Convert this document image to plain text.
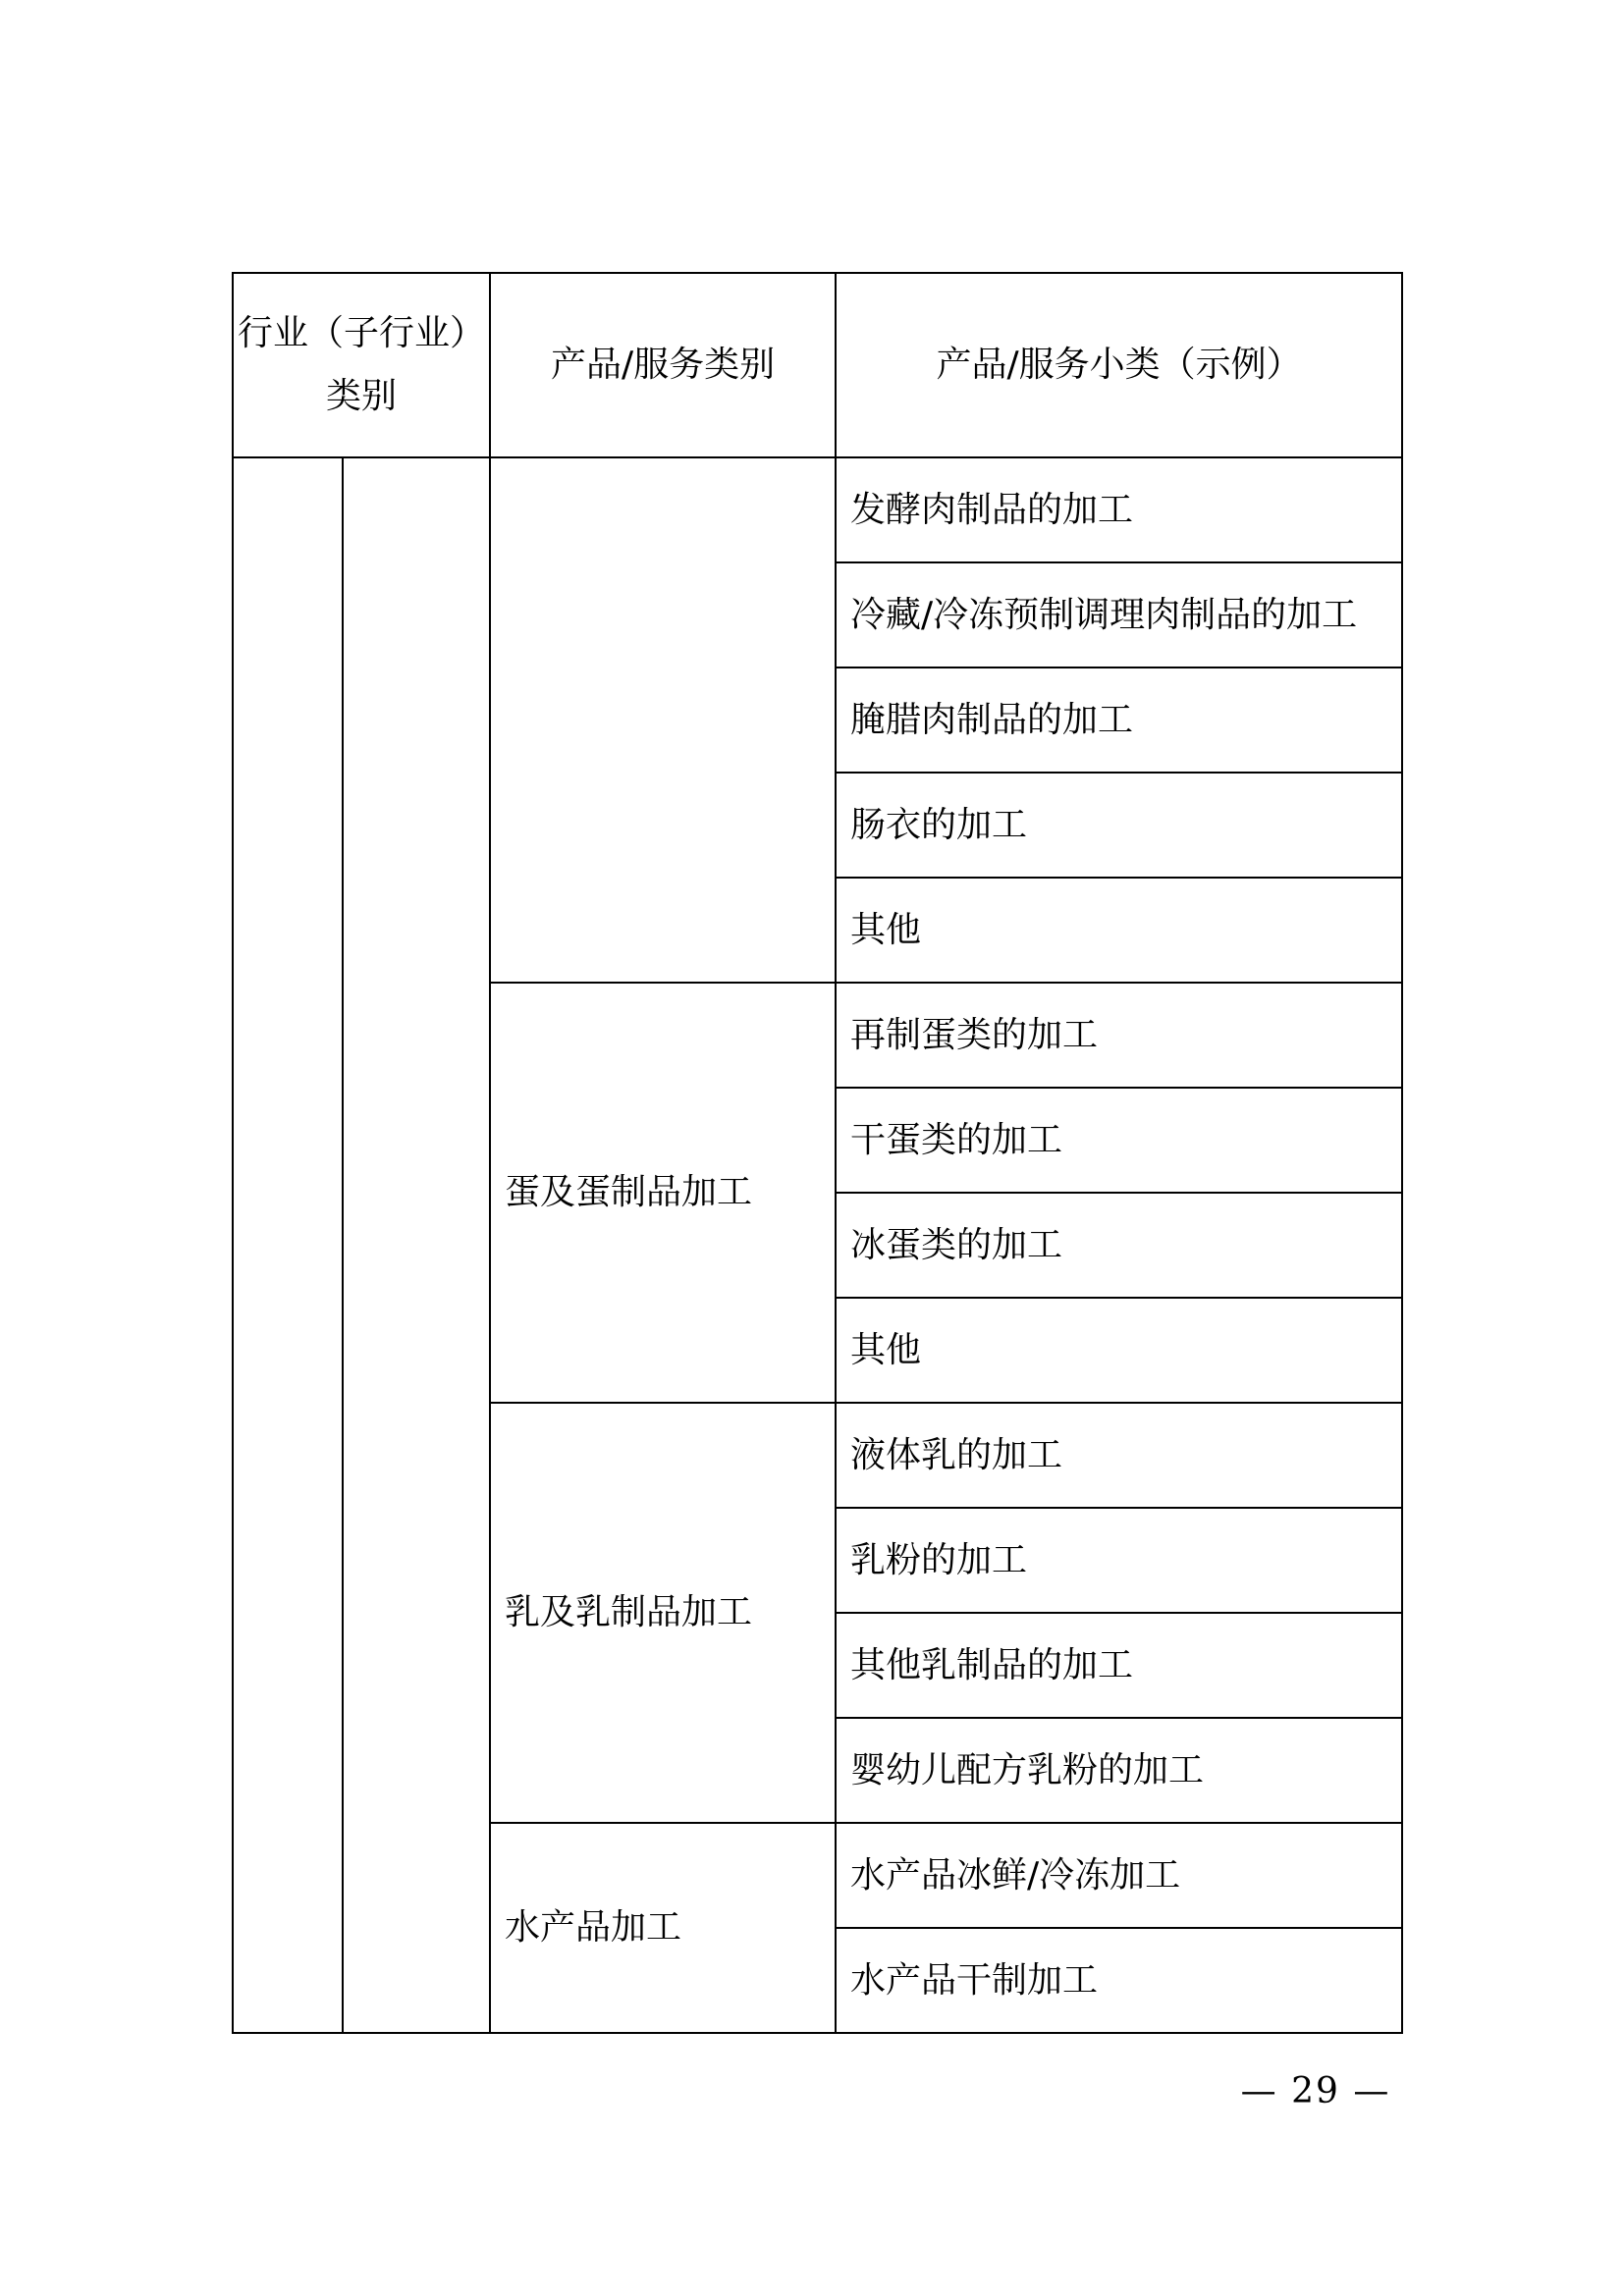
行业（子行业）
类别		产品/服务类别	产品/服务小类（示例）
			发酵肉制品的加工
			冷藏/冷冻预制调理肉制品的加工
			腌腊肉制品的加工
			肠衣的加工
			其他
		蛋及蛋制品加工	再制蛋类的加工
			干蛋类的加工
			冰蛋类的加工
			其他
		乳及乳制品加工	液体乳的加工
			乳粉的加工
			其他乳制品的加工
			婴幼儿配方乳粉的加工
		水产品加工	水产品冰鲜/冷冻加工
			水产品干制加工
— 29 —
